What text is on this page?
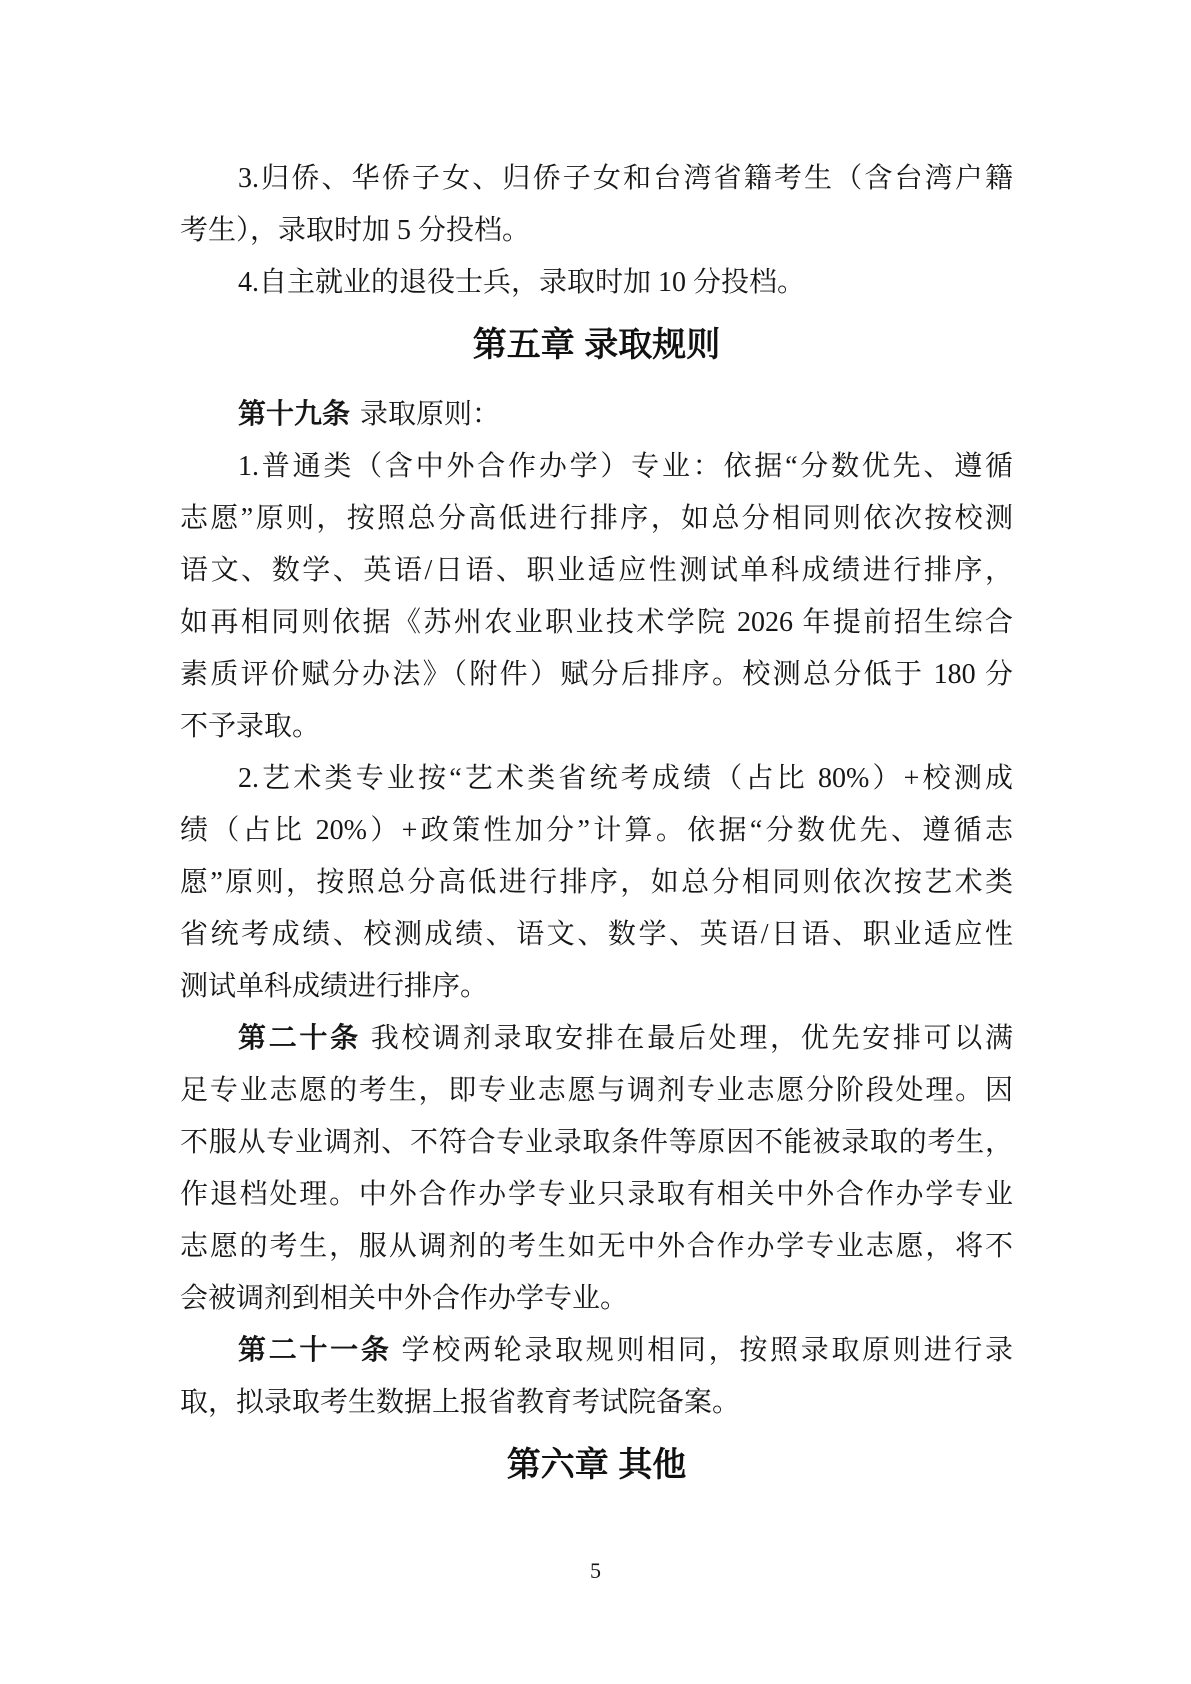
3.归侨、华侨子女、归侨子女和台湾省籍考生（含台湾户籍
考生），录取时加 5 分投档。
4.自主就业的退役士兵，录取时加 10 分投档。
第五章 录取规则
第十九条 录取原则：
1.普通类（含中外合作办学）专业：依据“分数优先、遵循
志愿”原则，按照总分高低进行排序，如总分相同则依次按校测
语文、数学、英语/日语、职业适应性测试单科成绩进行排序，
如再相同则依据《苏州农业职业技术学院 2026 年提前招生综合
素质评价赋分办法》（附件）赋分后排序。校测总分低于 180 分
不予录取。
2.艺术类专业按“艺术类省统考成绩（占比 80%）+校测成
绩（占比 20%）+政策性加分”计算。依据“分数优先、遵循志
愿”原则，按照总分高低进行排序，如总分相同则依次按艺术类
省统考成绩、校测成绩、语文、数学、英语/日语、职业适应性
测试单科成绩进行排序。
第二十条 我校调剂录取安排在最后处理，优先安排可以满
足专业志愿的考生，即专业志愿与调剂专业志愿分阶段处理。因
不服从专业调剂、不符合专业录取条件等原因不能被录取的考生，
作退档处理。中外合作办学专业只录取有相关中外合作办学专业
志愿的考生，服从调剂的考生如无中外合作办学专业志愿，将不
会被调剂到相关中外合作办学专业。
第二十一条 学校两轮录取规则相同，按照录取原则进行录
取，拟录取考生数据上报省教育考试院备案。
第六章 其他
5
